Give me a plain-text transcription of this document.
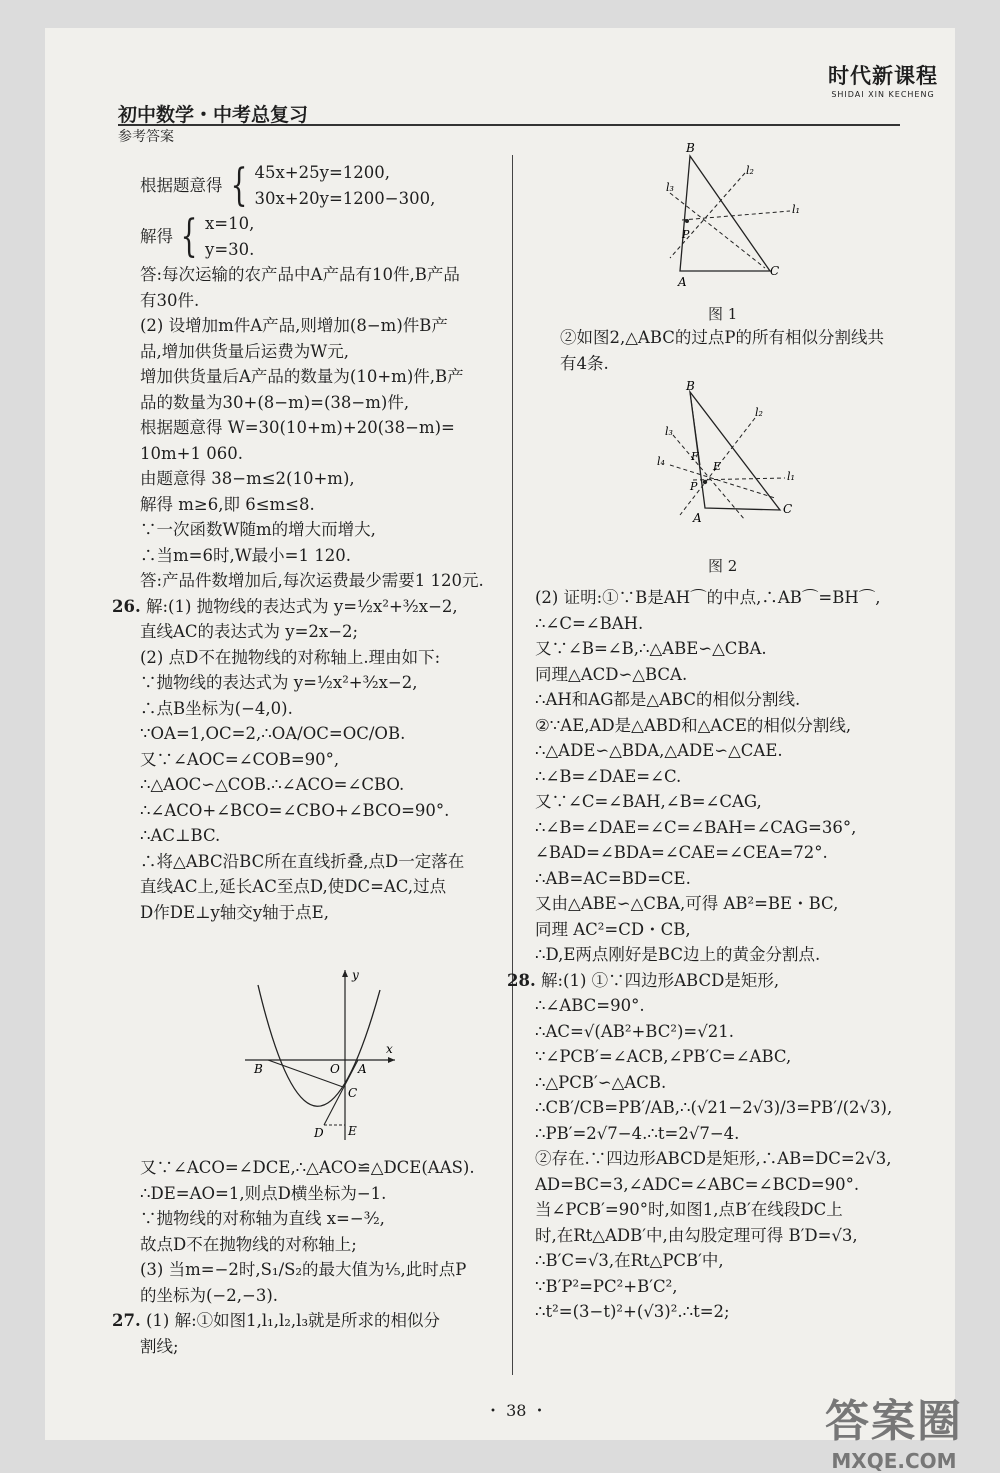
时代新课程
SHIDAI XIN KECHENG
初中数学・中考总复习
参考答案
根据题意得 { 45x+25y=1200,
30x+20y=1200−300,
解得 { x=10,
y=30.
答:每次运输的农产品中A产品有10件,B产品
有30件.
(2) 设增加m件A产品,则增加(8−m)件B产
品,增加供货量后运费为W元,
增加供货量后A产品的数量为(10+m)件,B产
品的数量为30+(8−m)=(38−m)件,
根据题意得 W=30(10+m)+20(38−m)=
10m+1 060.
由题意得 38−m≤2(10+m),
解得 m≥6,即 6≤m≤8.
∵一次函数W随m的增大而增大,
∴当m=6时,W最小=1 120.
答:产品件数增加后,每次运费最少需要1 120元.
26. 解:(1) 抛物线的表达式为 y=½x²+³⁄₂x−2,
直线AC的表达式为 y=2x−2;
(2) 点D不在抛物线的对称轴上.理由如下:
∵抛物线的表达式为 y=½x²+³⁄₂x−2,
∴点B坐标为(−4,0).
∵OA=1,OC=2,∴OA/OC=OC/OB.
又∵∠AOC=∠COB=90°,
∴△AOC∽△COB.∴∠ACO=∠CBO.
∴∠ACO+∠BCO=∠CBO+∠BCO=90°.
∴AC⊥BC.
∴将△ABC沿BC所在直线折叠,点D一定落在
直线AC上,延长AC至点D,使DC=AC,过点
D作DE⊥y轴交y轴于点E,
又∵∠ACO=∠DCE,∴△ACO≌△DCE(AAS).
∴DE=AO=1,则点D横坐标为−1.
∵抛物线的对称轴为直线 x=−³⁄₂,
故点D不在抛物线的对称轴上;
(3) 当m=−2时,S₁/S₂的最大值为⅕,此时点P
的坐标为(−2,−3).
27. (1) 解:①如图1,l₁,l₂,l₃就是所求的相似分
割线;
B	O A
C
D E
y
x
B
A
C
P
l₁
l₂
l₃
图 1
②如图2,△ABC的过点P的所有相似分割线共
有4条.
B
A
C
P
F
E
l₁
l₂
l₃
l₄
图 2
(2) 证明:①∵B是AH⌒的中点,∴AB⌒=BH⌒,
∴∠C=∠BAH.
又∵∠B=∠B,∴△ABE∽△CBA.
同理△ACD∽△BCA.
∴AH和AG都是△ABC的相似分割线.
②∵AE,AD是△ABD和△ACE的相似分割线,
∴△ADE∽△BDA,△ADE∽△CAE.
∴∠B=∠DAE=∠C.
又∵∠C=∠BAH,∠B=∠CAG,
∴∠B=∠DAE=∠C=∠BAH=∠CAG=36°,
∠BAD=∠BDA=∠CAE=∠CEA=72°.
∴AB=AC=BD=CE.
又由△ABE∽△CBA,可得 AB²=BE・BC,
同理 AC²=CD・CB,
∴D,E两点刚好是BC边上的黄金分割点.
28. 解:(1) ①∵四边形ABCD是矩形,
∴∠ABC=90°.
∴AC=√(AB²+BC²)=√21.
∵∠PCB′=∠ACB,∠PB′C=∠ABC,
∴△PCB′∽△ACB.
∴CB′/CB=PB′/AB,∴(√21−2√3)/3=PB′/(2√3),
∴PB′=2√7−4.∴t=2√7−4.
②存在.∵四边形ABCD是矩形,∴AB=DC=2√3,
AD=BC=3,∠ADC=∠ABC=∠BCD=90°.
当∠PCB′=90°时,如图1,点B′在线段DC上
时,在Rt△ADB′中,由勾股定理可得 B′D=√3,
∴B′C=√3,在Rt△PCB′中,
∵B′P²=PC²+B′C²,
∴t²=(3−t)²+(√3)².∴t=2;
・ 38 ・	答案圈
MXQE.COM
